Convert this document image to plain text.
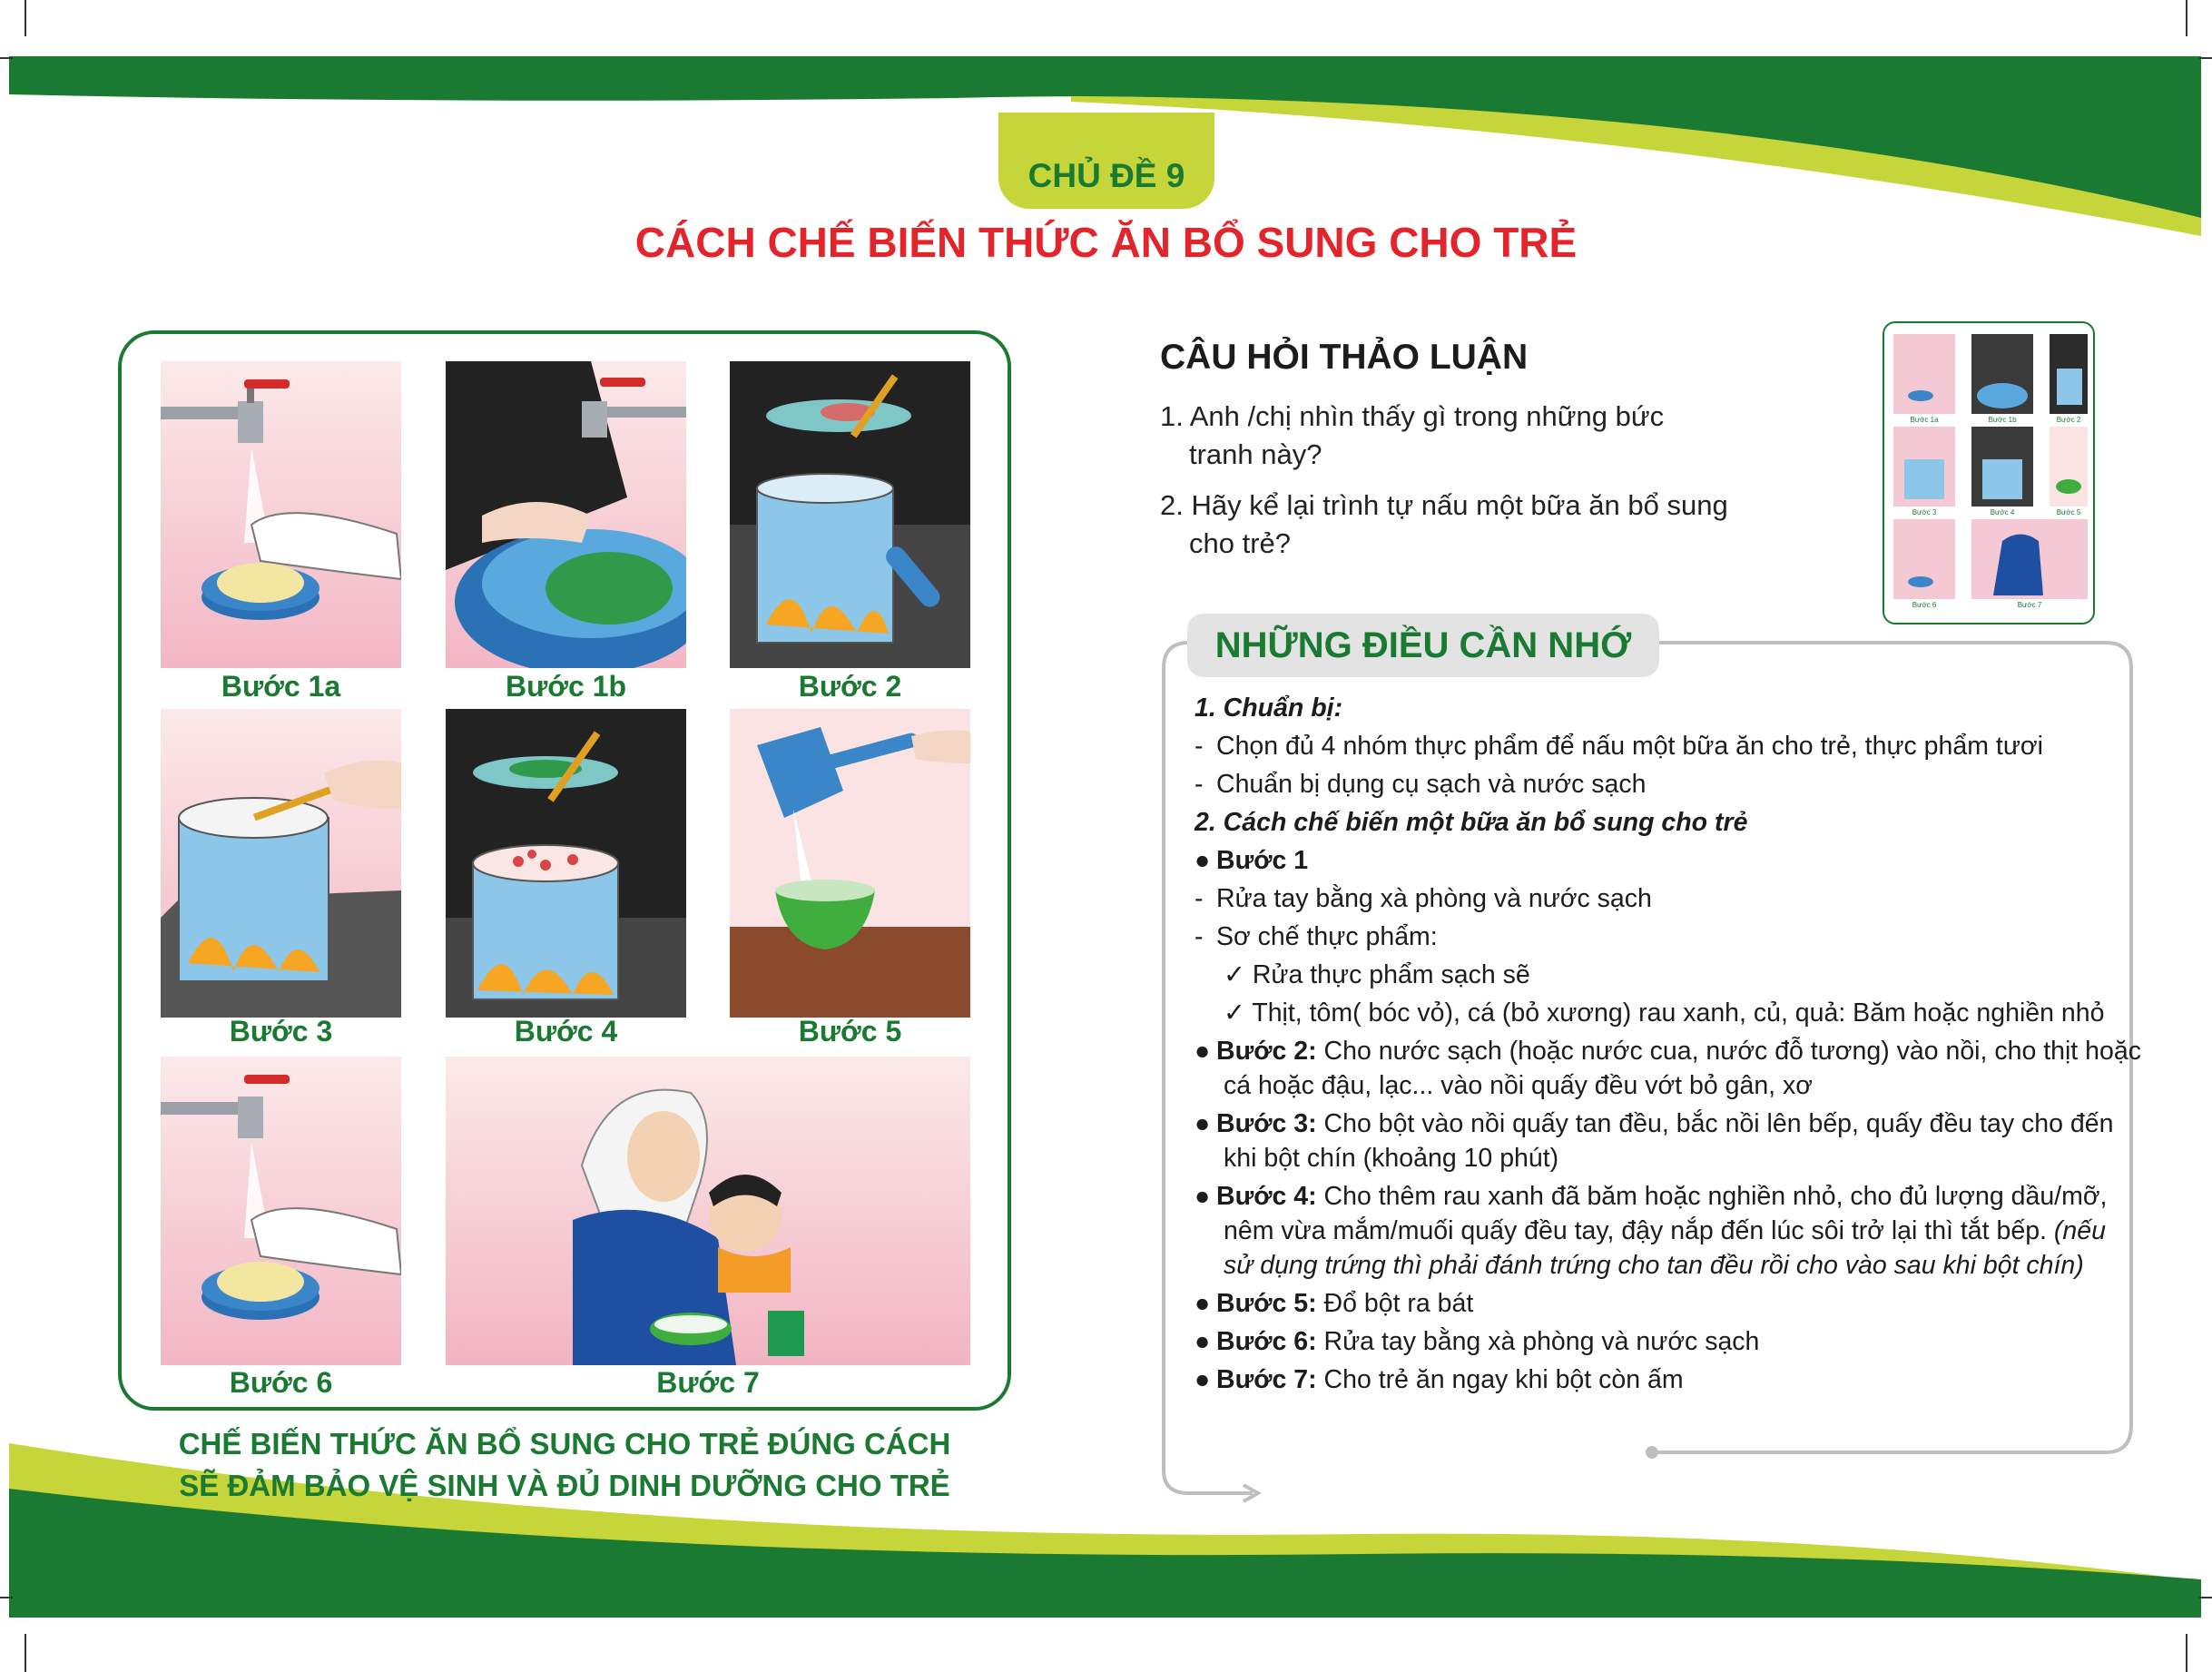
CHỦ ĐỀ 9
CÁCH CHẾ BIẾN THỨC ĂN BỔ SUNG CHO TRẺ
Bước 1a	Bước 1b	Bước 2
Bước 3	Bước 4	Bước 5
Bước 6	Bước 7
CHẾ BIẾN THỨC ĂN BỔ SUNG CHO TRẺ ĐÚNG CÁCH
SẼ ĐẢM BẢO VỆ SINH VÀ ĐỦ DINH DƯỠNG CHO TRẺ
CÂU HỎI THẢO LUẬN
1. Anh /chị nhìn thấy gì trong những bức
tranh này?
2. Hãy kể lại trình tự nấu một bữa ăn bổ sung
cho trẻ?
Bước 1a	Bước 1b	Bước 2
Bước 3	Bước 4	Bước 5
Bước 6	Bước 7
NHỮNG ĐIỀU CẦN NHỚ
1. Chuẩn bị:
- Chọn đủ 4 nhóm thực phẩm để nấu một bữa ăn cho trẻ, thực phẩm tươi
- Chuẩn bị dụng cụ sạch và nước sạch
2. Cách chế biến một bữa ăn bổ sung cho trẻ
● Bước 1
- Rửa tay bằng xà phòng và nước sạch
- Sơ chế thực phẩm:
✓ Rửa thực phẩm sạch sẽ
✓ Thịt, tôm( bóc vỏ), cá (bỏ xương) rau xanh, củ, quả: Băm hoặc nghiền nhỏ
● Bước 2: Cho nước sạch (hoặc nước cua, nước đỗ tương) vào nồi, cho thịt hoặc
cá hoặc đậu, lạc... vào nồi quấy đều vớt bỏ gân, xơ
● Bước 3: Cho bột vào nồi quấy tan đều, bắc nồi lên bếp, quấy đều tay cho đến
khi bột chín (khoảng 10 phút)
● Bước 4: Cho thêm rau xanh đã băm hoặc nghiền nhỏ, cho đủ lượng dầu/mỡ,
nêm vừa mắm/muối quấy đều tay, đậy nắp đến lúc sôi trở lại thì tắt bếp. (nếu
sử dụng trứng thì phải đánh trứng cho tan đều rồi cho vào sau khi bột chín)
● Bước 5: Đổ bột ra bát
● Bước 6: Rửa tay bằng xà phòng và nước sạch
● Bước 7: Cho trẻ ăn ngay khi bột còn ấm
